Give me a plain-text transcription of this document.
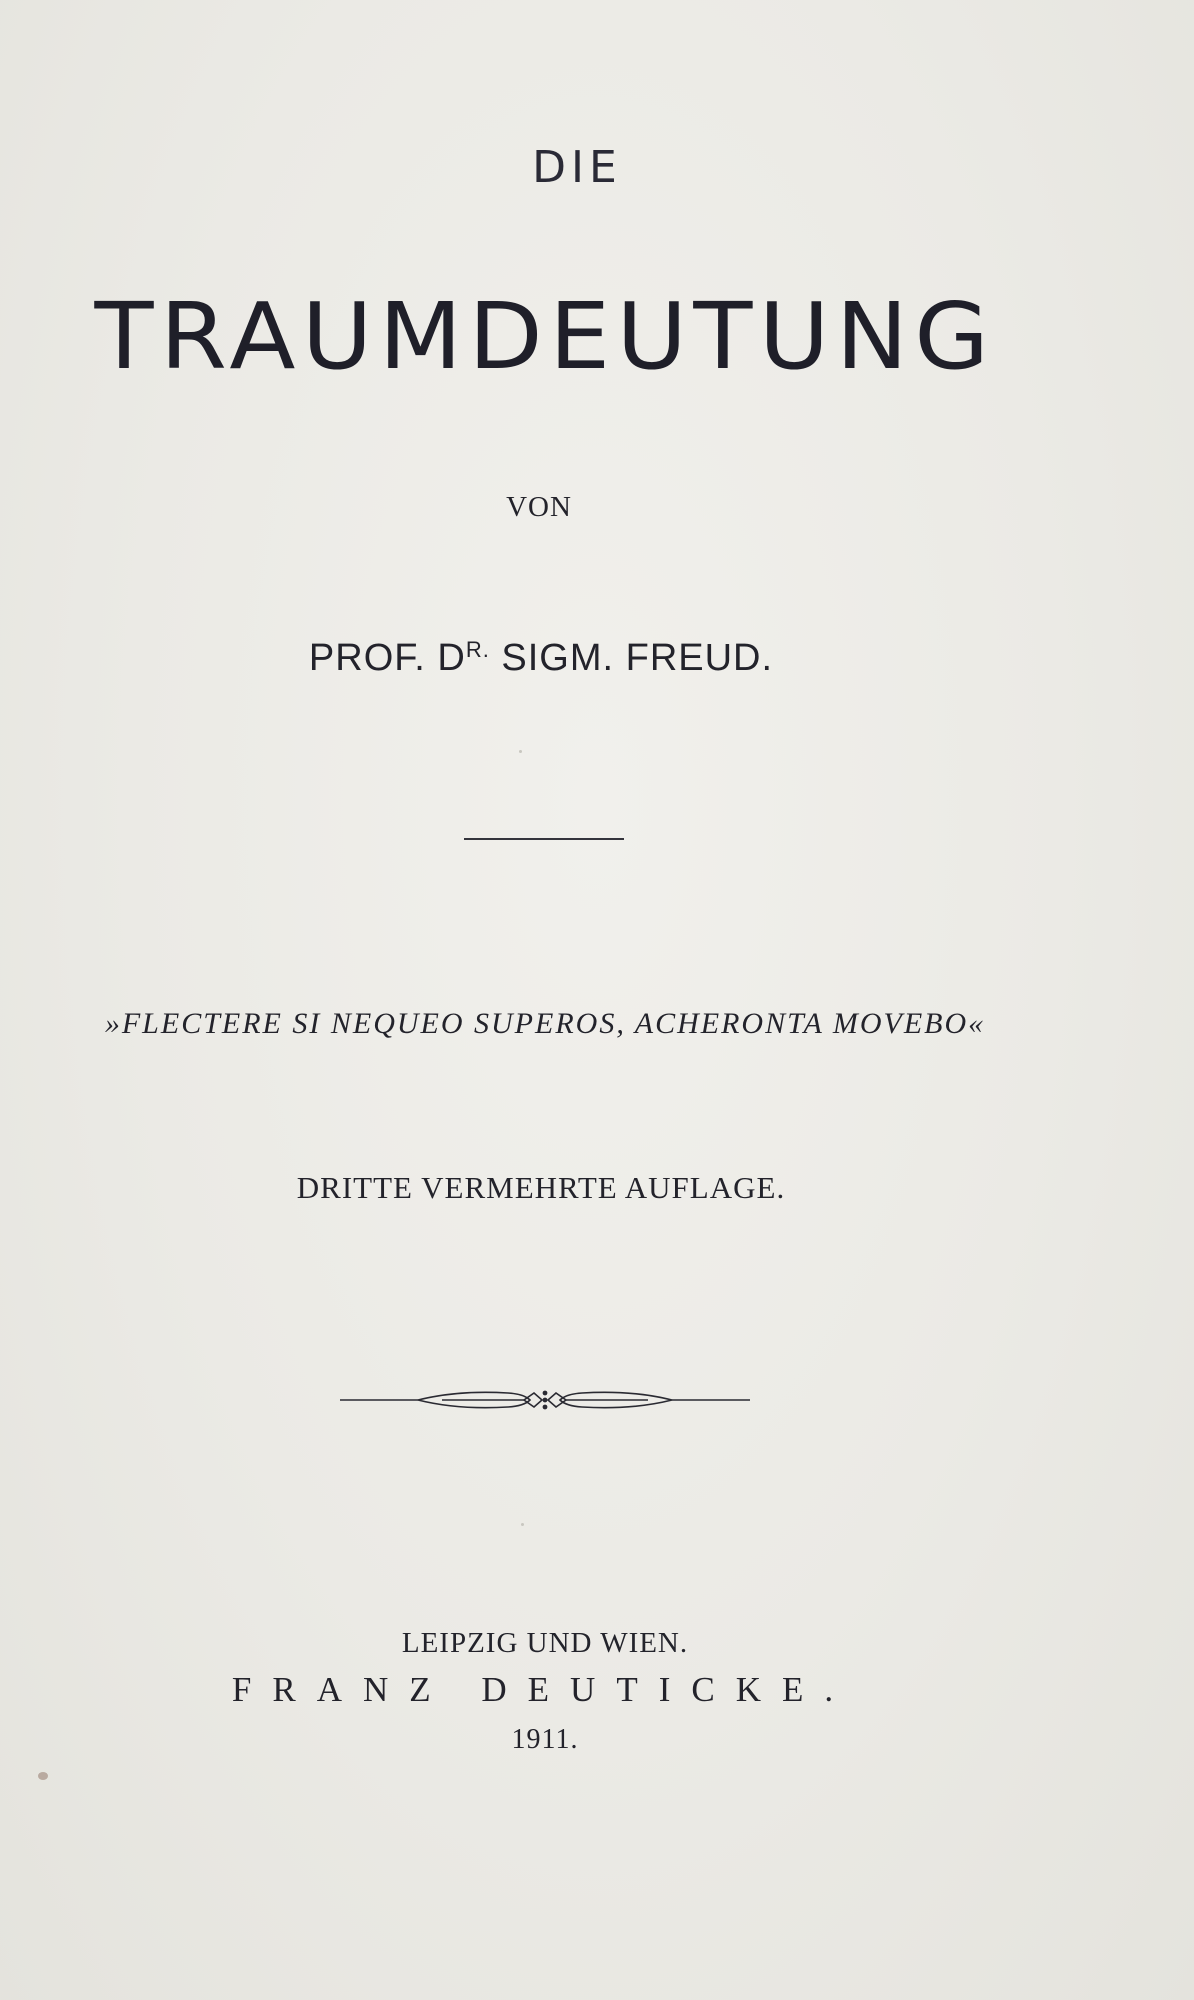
DIE

TRAUMDEUTUNG

VON

PROF. $D^{R.}$ SIGM. FREUD.

»FLECTERE SI NEQUEO SUPEROS, ACHERONTA MOVEBO«

DRITTE VERMEHRTE AUFLAGE.

LEIPZIG UND WIEN.

FRANZ DEUTICKE.

1911.
